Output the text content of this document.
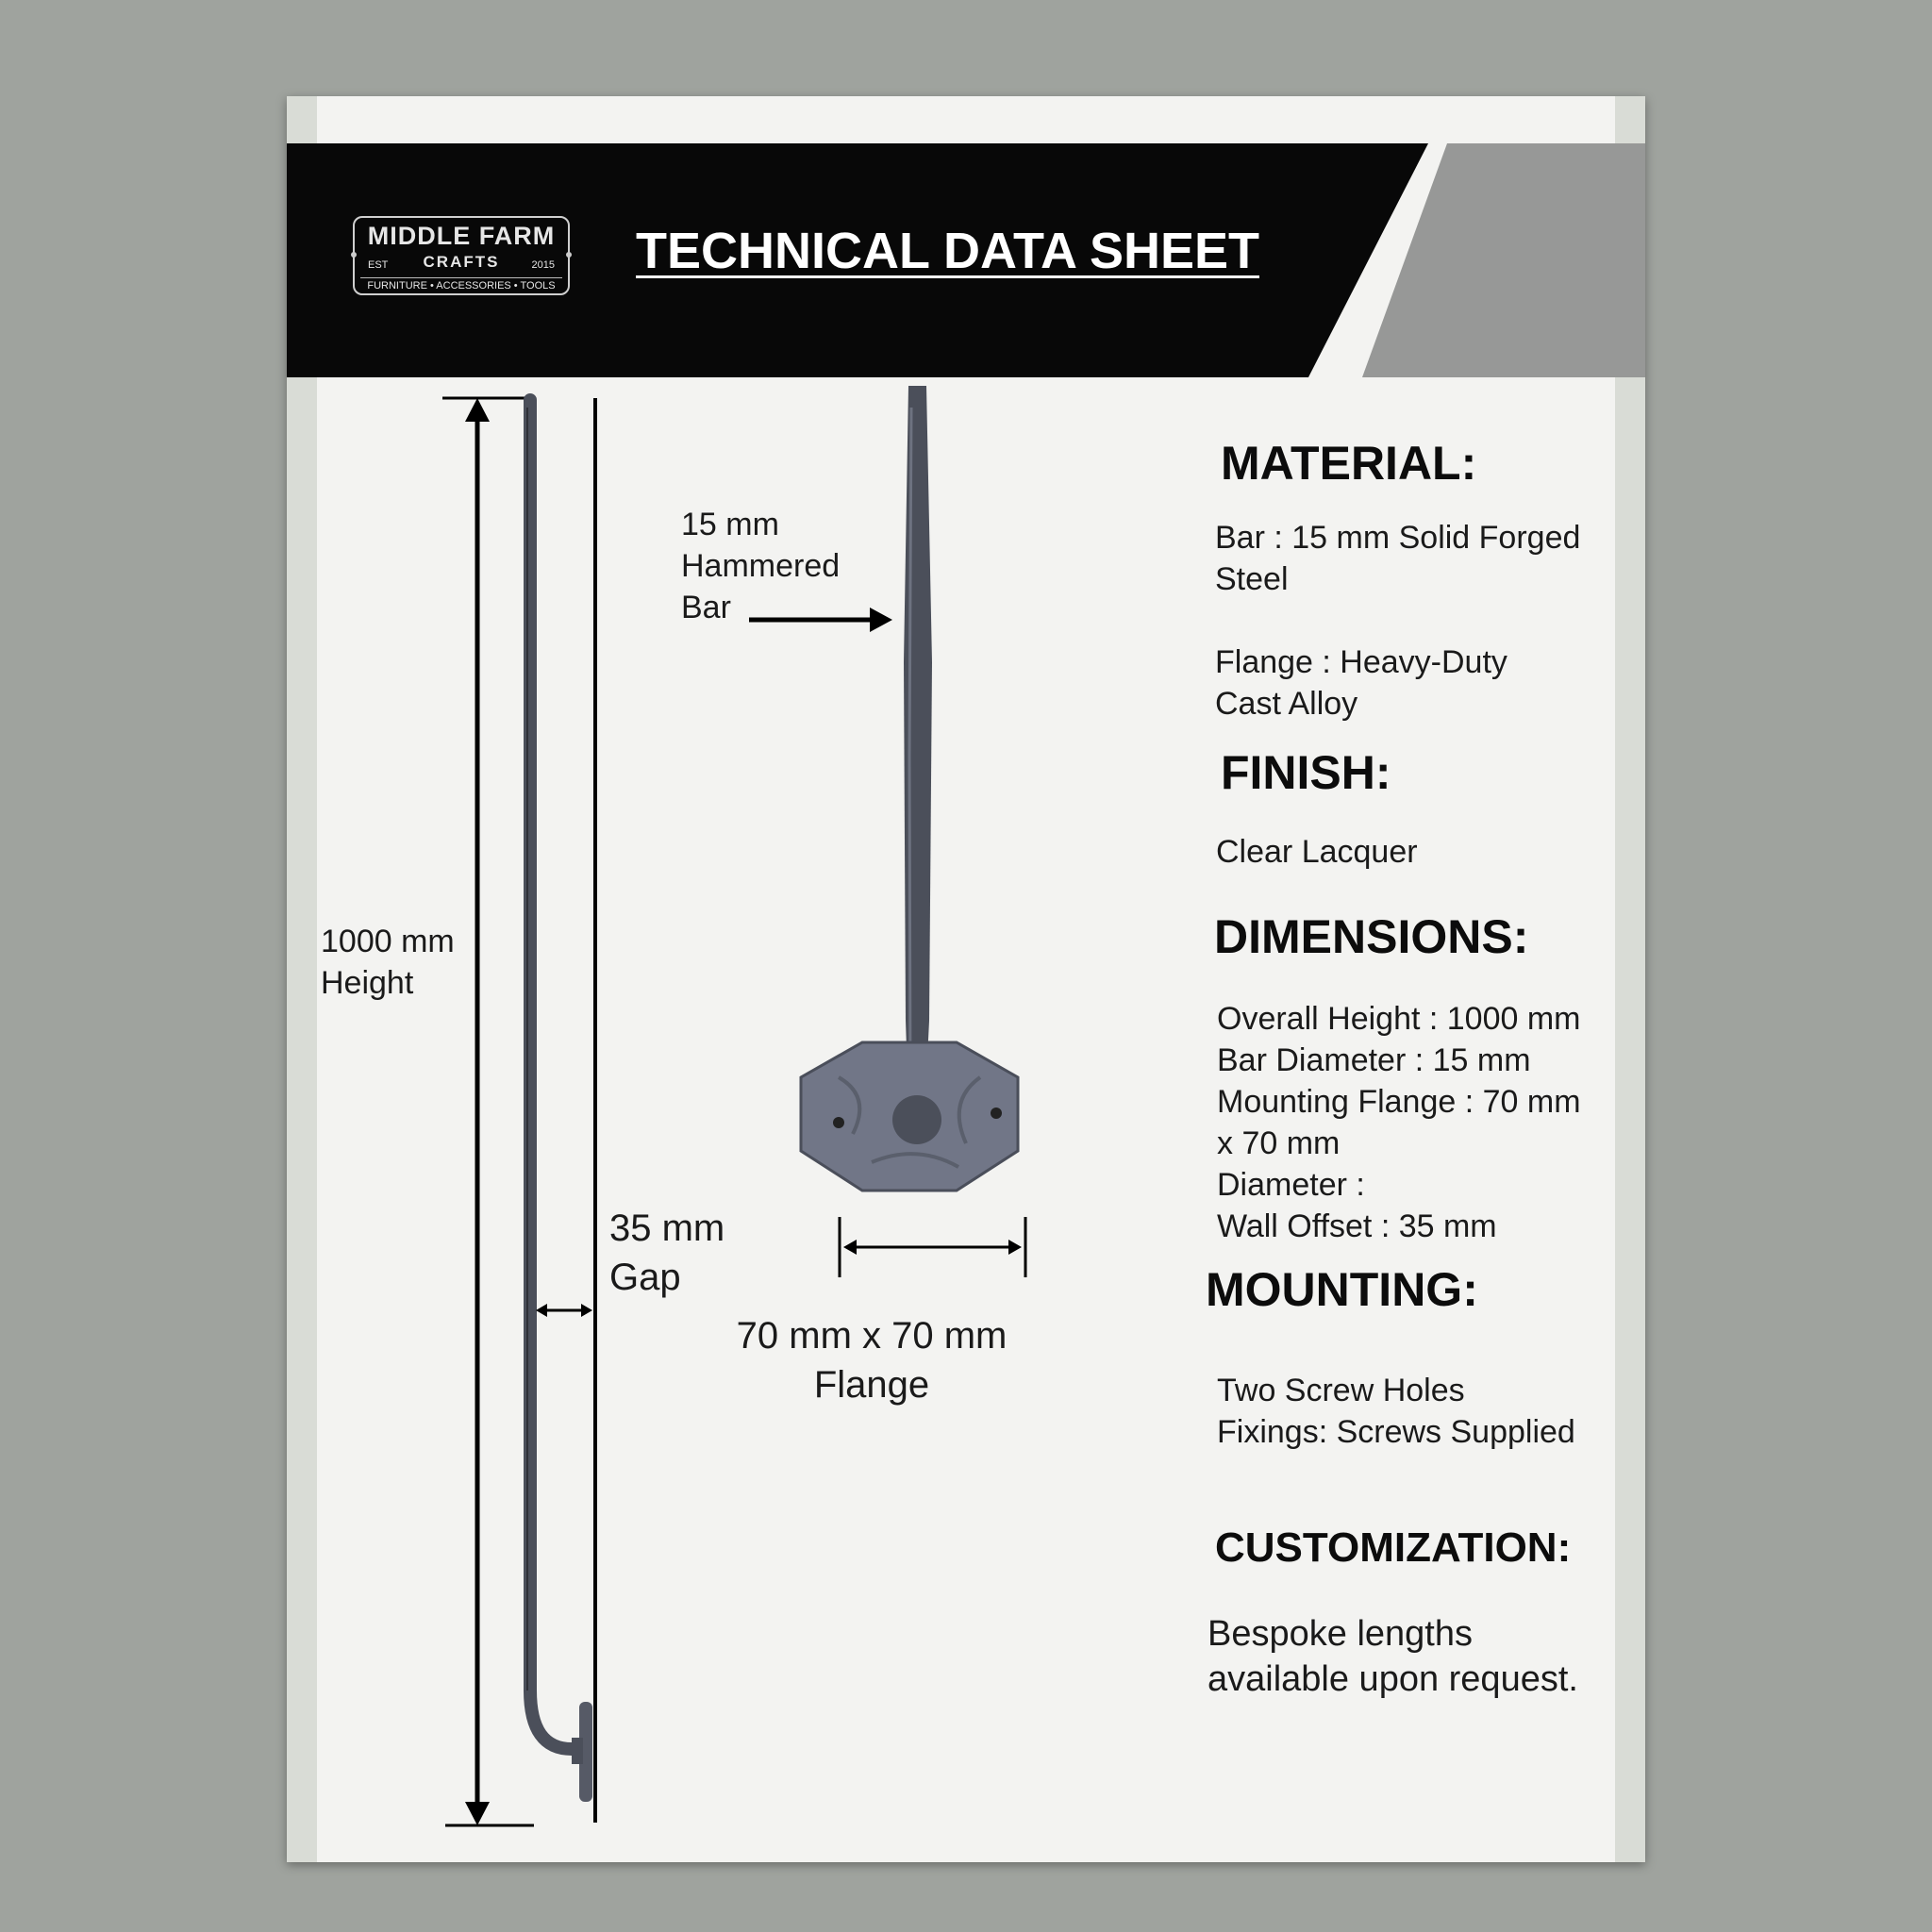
MIDDLE FARM
CRAFTS
EST	2015
FURNITURE • ACCESSORIES • TOOLS
TECHNICAL DATA SHEET
1000 mm
Height
35 mm
Gap
15 mm
Hammered
Bar
70 mm x 70 mm
Flange
MATERIAL:
Bar : 15 mm Solid Forged
Steel
Flange : Heavy-Duty
Cast Alloy
FINISH:
Clear Lacquer
DIMENSIONS:
Overall Height : 1000 mm
Bar Diameter : 15 mm
Mounting Flange : 70 mm
x 70 mm
Diameter :
Wall Offset : 35 mm
MOUNTING:
Two Screw Holes
Fixings: Screws Supplied
CUSTOMIZATION:
Bespoke lengths
available upon request.
